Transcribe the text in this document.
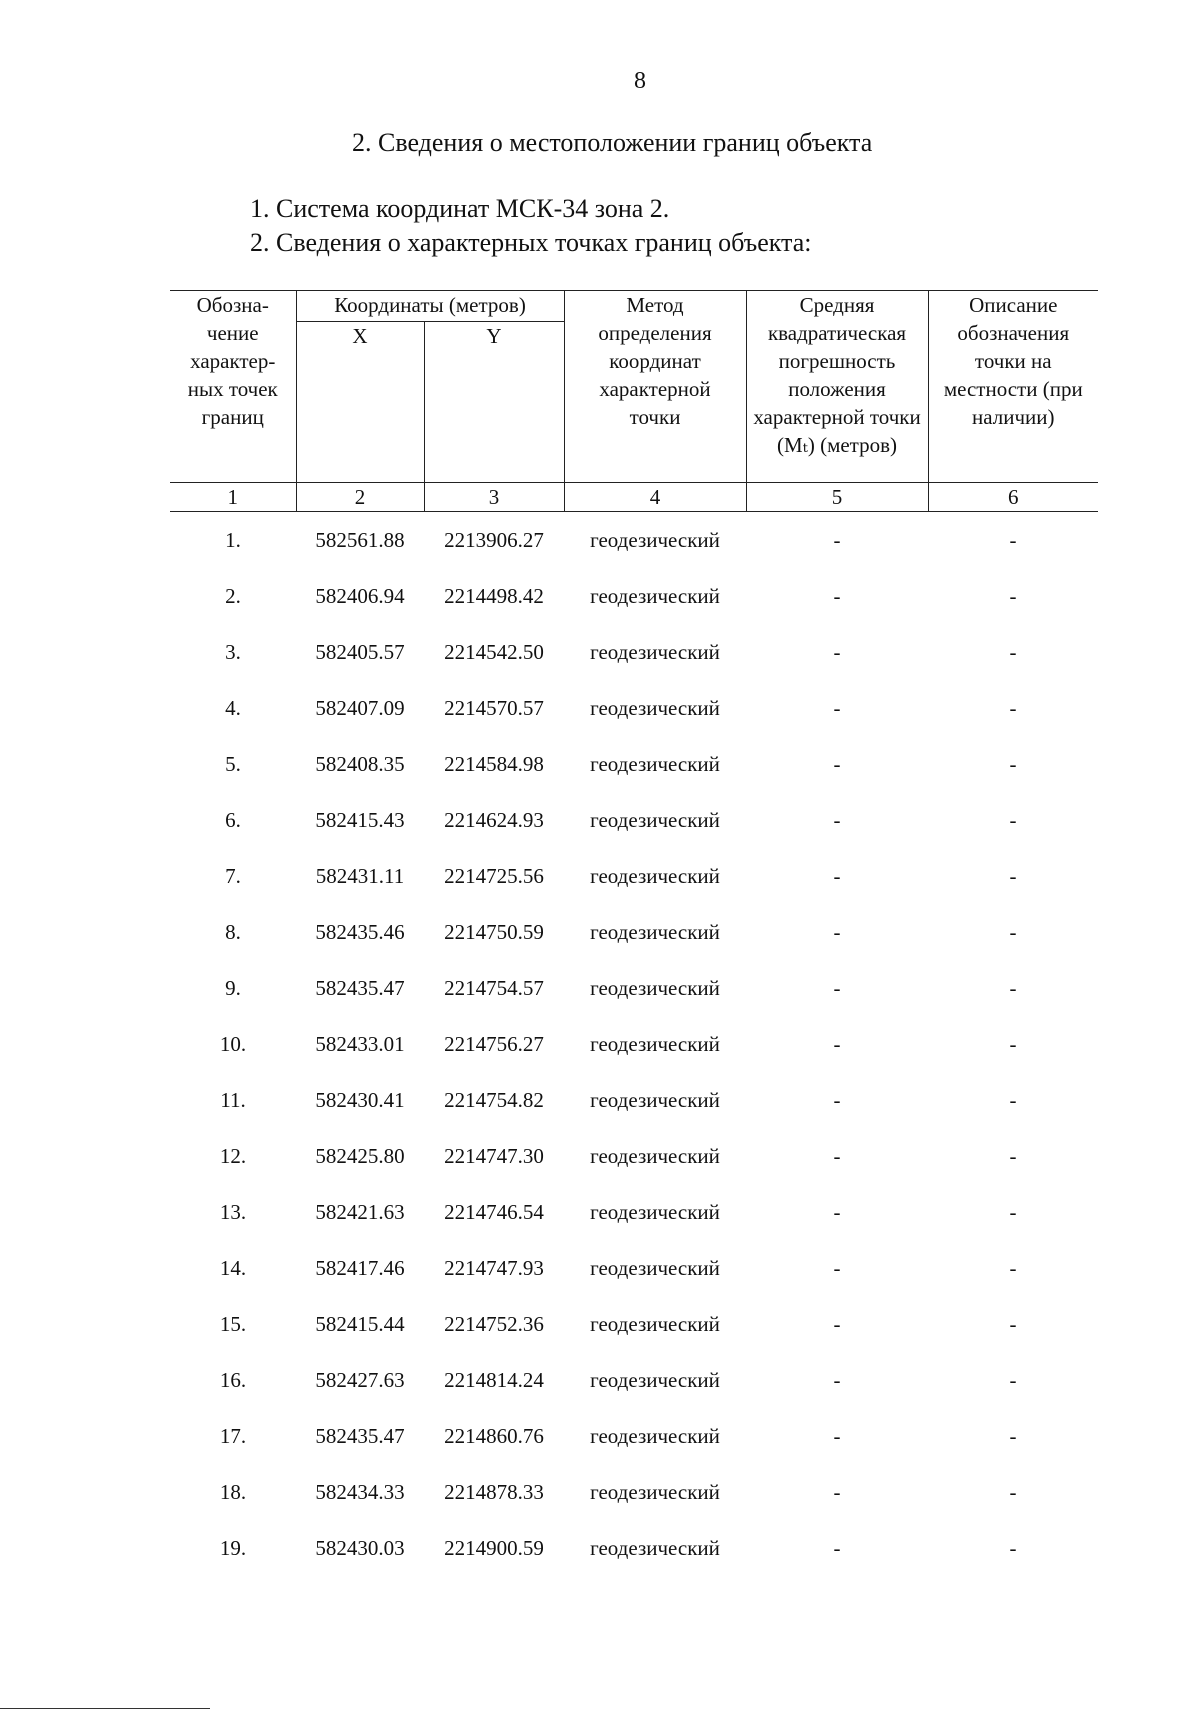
8
2. Сведения о местоположении границ объекта
1. Система координат МСК-34 зона 2.
2. Сведения о характерных точках границ объекта:
Обозна-чение характер-ных точек границ	Координаты (метров)		Метод определения координат характерной точки	Средняя квадратическая погрешность положения характерной точки (Mₜ) (метров)	Описание обозначения точки на местности (при наличии)

	X	Y			
1	2	3	4	5	6
1.	582561.88	2213906.27	геодезический	-	-
2.	582406.94	2214498.42	геодезический	-	-
3.	582405.57	2214542.50	геодезический	-	-
4.	582407.09	2214570.57	геодезический	-	-
5.	582408.35	2214584.98	геодезический	-	-
6.	582415.43	2214624.93	геодезический	-	-
7.	582431.11	2214725.56	геодезический	-	-
8.	582435.46	2214750.59	геодезический	-	-
9.	582435.47	2214754.57	геодезический	-	-
10.	582433.01	2214756.27	геодезический	-	-
11.	582430.41	2214754.82	геодезический	-	-
12.	582425.80	2214747.30	геодезический	-	-
13.	582421.63	2214746.54	геодезический	-	-
14.	582417.46	2214747.93	геодезический	-	-
15.	582415.44	2214752.36	геодезический	-	-
16.	582427.63	2214814.24	геодезический	-	-
17.	582435.47	2214860.76	геодезический	-	-
18.	582434.33	2214878.33	геодезический	-	-
19.	582430.03	2214900.59	геодезический	-	-
